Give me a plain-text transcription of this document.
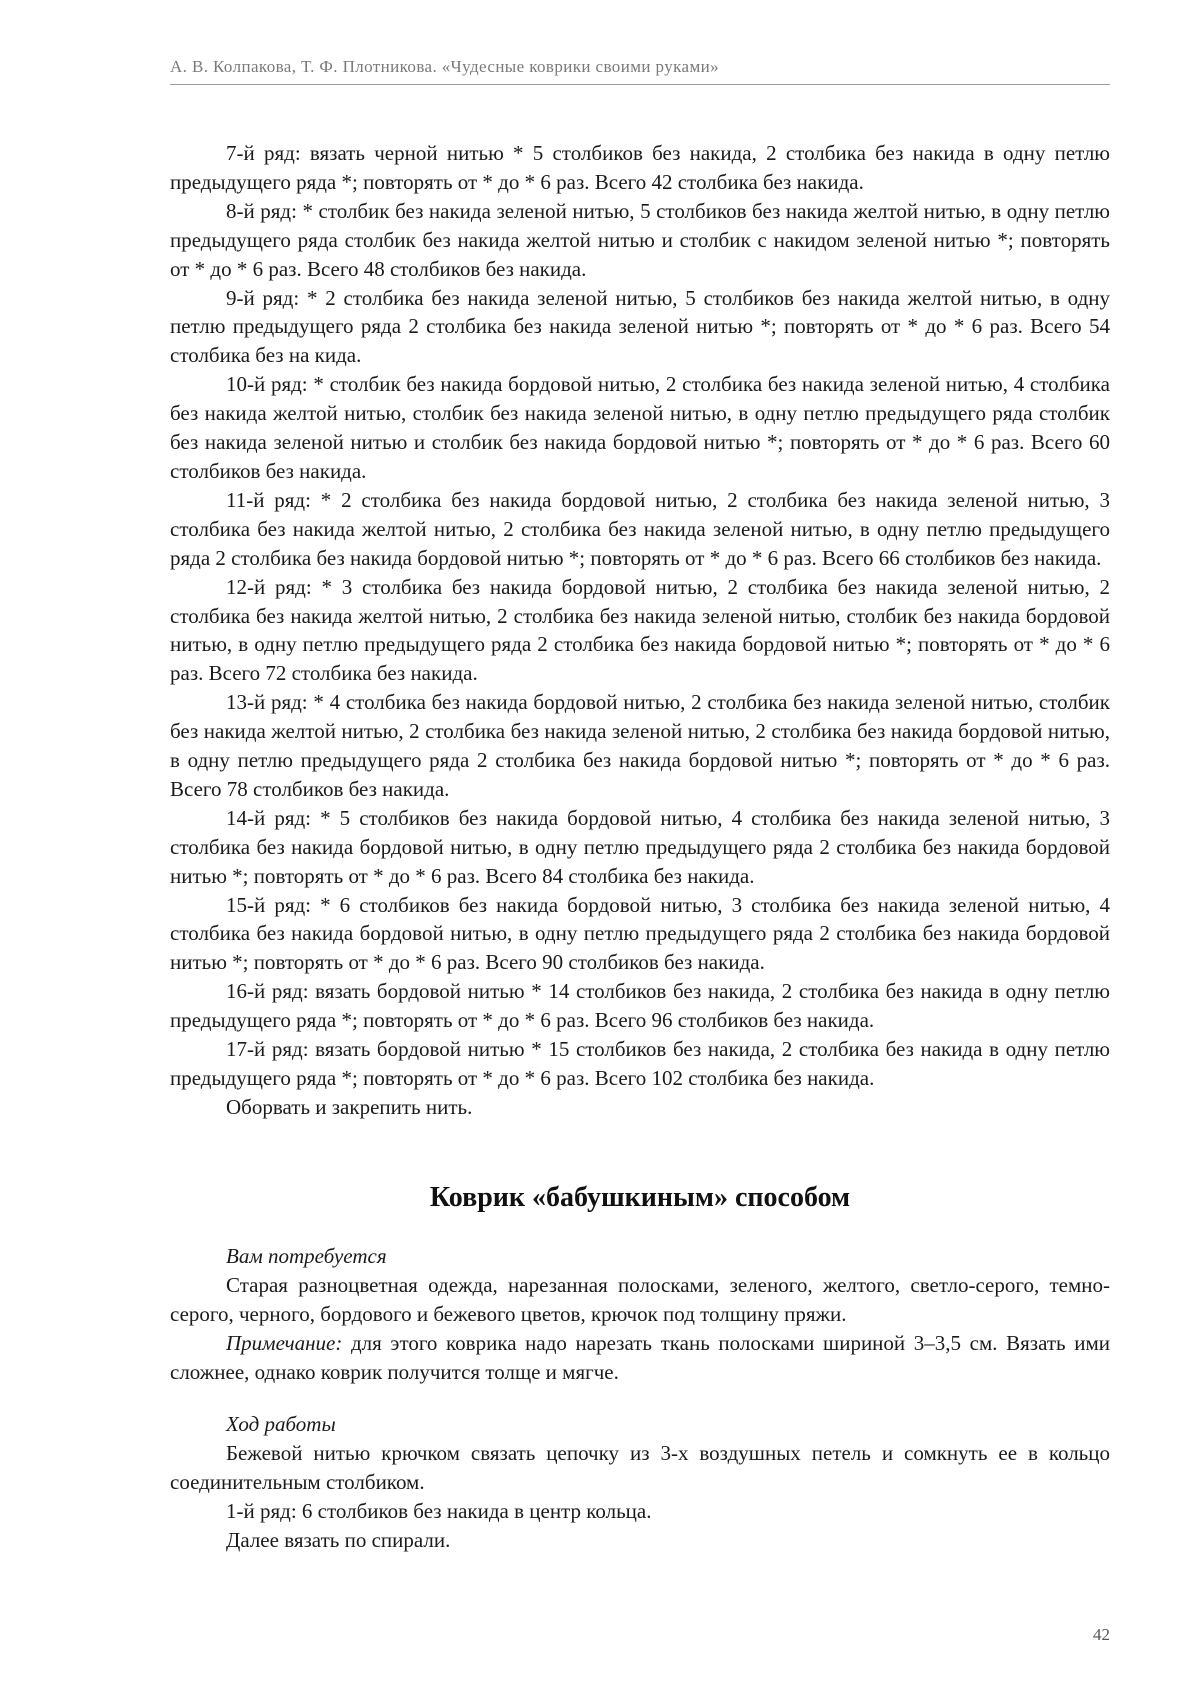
А. В. Колпакова, Т. Ф. Плотникова. «Чудесные коврики своими руками»

7-й ряд: вязать черной нитью * 5 столбиков без накида, 2 столбика без накида в одну петлю предыдущего ряда *; повторять от * до * 6 раз. Всего 42 столбика без накида.

8-й ряд: * столбик без накида зеленой нитью, 5 столбиков без накида желтой нитью, в одну петлю предыдущего ряда столбик без накида желтой нитью и столбик с накидом зеленой нитью *; повторять от * до * 6 раз. Всего 48 столбиков без накида.

9-й ряд: * 2 столбика без накида зеленой нитью, 5 столбиков без накида желтой нитью, в одну петлю предыдущего ряда 2 столбика без накида зеленой нитью *; повторять от * до * 6 раз. Всего 54 столбика без на кида.

10-й ряд: * столбик без накида бордовой нитью, 2 столбика без накида зеленой нитью, 4 столбика без накида желтой нитью, столбик без накида зеленой нитью, в одну петлю предыдущего ряда столбик без накида зеленой нитью и столбик без накида бордовой нитью *; повторять от * до * 6 раз. Всего 60 столбиков без накида.

11-й ряд: * 2 столбика без накида бордовой нитью, 2 столбика без накида зеленой нитью, 3 столбика без накида желтой нитью, 2 столбика без накида зеленой нитью, в одну петлю предыдущего ряда 2 столбика без накида бордовой нитью *; повторять от * до * 6 раз. Всего 66 столбиков без накида.

12-й ряд: * 3 столбика без накида бордовой нитью, 2 столбика без накида зеленой нитью, 2 столбика без накида желтой нитью, 2 столбика без накида зеленой нитью, столбик без накида бордовой нитью, в одну петлю предыдущего ряда 2 столбика без накида бордовой нитью *; повторять от * до * 6 раз. Всего 72 столбика без накида.

13-й ряд: * 4 столбика без накида бордовой нитью, 2 столбика без накида зеленой нитью, столбик без накида желтой нитью, 2 столбика без накида зеленой нитью, 2 столбика без накида бордовой нитью, в одну петлю предыдущего ряда 2 столбика без накида бордовой нитью *; повторять от * до * 6 раз. Всего 78 столбиков без накида.

14-й ряд: * 5 столбиков без накида бордовой нитью, 4 столбика без накида зеленой нитью, 3 столбика без накида бордовой нитью, в одну петлю предыдущего ряда 2 столбика без накида бордовой нитью *; повторять от * до * 6 раз. Всего 84 столбика без накида.

15-й ряд: * 6 столбиков без накида бордовой нитью, 3 столбика без накида зеленой нитью, 4 столбика без накида бордовой нитью, в одну петлю предыдущего ряда 2 столбика без накида бордовой нитью *; повторять от * до * 6 раз. Всего 90 столбиков без накида.

16-й ряд: вязать бордовой нитью * 14 столбиков без накида, 2 столбика без накида в одну петлю предыдущего ряда *; повторять от * до * 6 раз. Всего 96 столбиков без накида.

17-й ряд: вязать бордовой нитью * 15 столбиков без накида, 2 столбика без накида в одну петлю предыдущего ряда *; повторять от * до * 6 раз. Всего 102 столбика без накида.

Оборвать и закрепить нить.

Коврик «бабушкиным» способом

Вам потребуется

Старая разноцветная одежда, нарезанная полосками, зеленого, желтого, светло-серого, темно-серого, черного, бордового и бежевого цветов, крючок под толщину пряжи.

Примечание: для этого коврика надо нарезать ткань полосками шириной 3–3,5 см. Вязать ими сложнее, однако коврик получится толще и мягче.

Ход работы

Бежевой нитью крючком связать цепочку из 3-х воздушных петель и сомкнуть ее в кольцо соединительным столбиком.

1-й ряд: 6 столбиков без накида в центр кольца.

Далее вязать по спирали.

42
